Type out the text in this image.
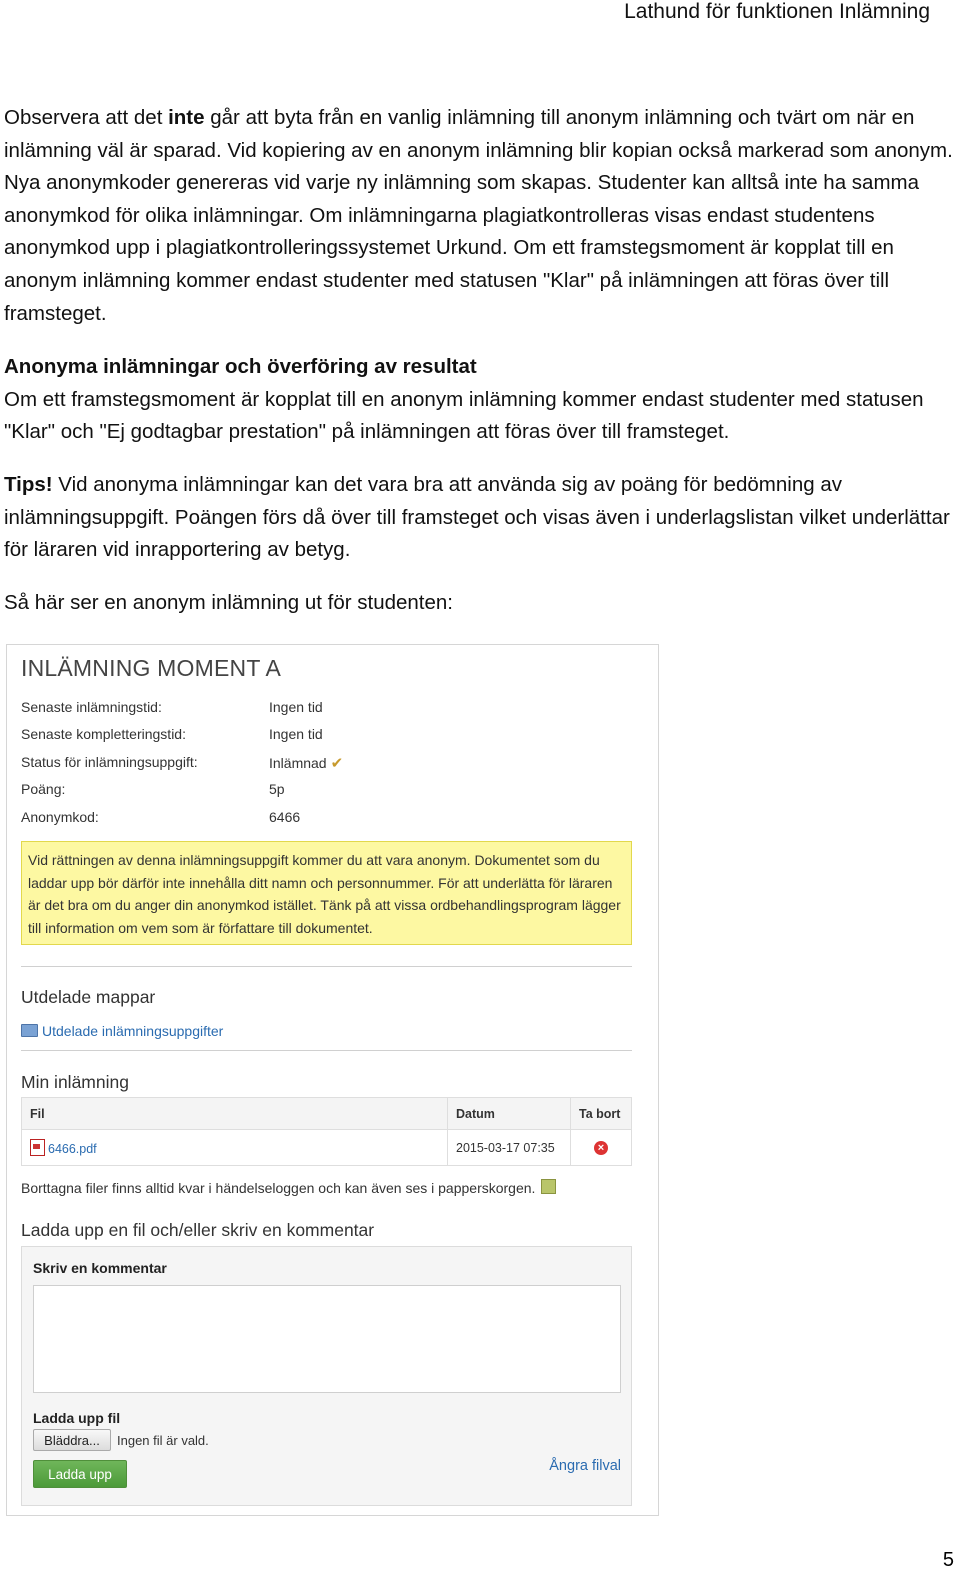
Lathund för funktionen Inlämning

Observera att det inte går att byta från en vanlig inlämning till anonym inlämning och tvärt om när en inlämning väl är sparad. Vid kopiering av en anonym inlämning blir kopian också markerad som anonym. Nya anonymkoder genereras vid varje ny inlämning som skapas. Studenter kan alltså inte ha samma anonymkod för olika inlämningar. Om inlämningarna plagiatkontrolleras visas endast studentens anonymkod upp i plagiatkontrolleringssystemet Urkund. Om ett framstegsmoment är kopplat till en anonym inlämning kommer endast studenter med statusen "Klar" på inlämningen att föras över till framsteget.

Anonyma inlämningar och överföring av resultat

Om ett framstegsmoment är kopplat till en anonym inlämning kommer endast studenter med statusen "Klar" och "Ej godtagbar prestation" på inlämningen att föras över till framsteget.

Tips! Vid anonyma inlämningar kan det vara bra att använda sig av poäng för bedömning av inlämningsuppgift. Poängen förs då över till framsteget och visas även i underlagslistan vilket underlättar för läraren vid inrapportering av betyg.

Så här ser en anonym inlämning ut för studenten:

INLÄMNING MOMENT A
Senaste inlämningstid:	Ingen tid
Senaste kompletteringstid:	Ingen tid
Status för inlämningsuppgift:	Inlämnad ✔
Poäng:	5p
Anonymkod:	6466
Vid rättningen av denna inlämningsuppgift kommer du att vara anonym. Dokumentet som du laddar upp bör därför inte innehålla ditt namn och personnummer. För att underlätta för läraren är det bra om du anger din anonymkod istället. Tänk på att vissa ordbehandlingsprogram lägger till information om vem som är författare till dokumentet.
Utdelade mappar
Utdelade inlämningsuppgifter
Min inlämning
Fil	Datum	Ta bort
6466.pdf	2015-03-17 07:35	×
Borttagna filer finns alltid kvar i händelseloggen och kan även ses i papperskorgen.
Ladda upp en fil och/eller skriv en kommentar
Skriv en kommentar
Ladda upp fil
Bläddra...	Ingen fil är vald.
Ladda upp	Ångra filval
5
